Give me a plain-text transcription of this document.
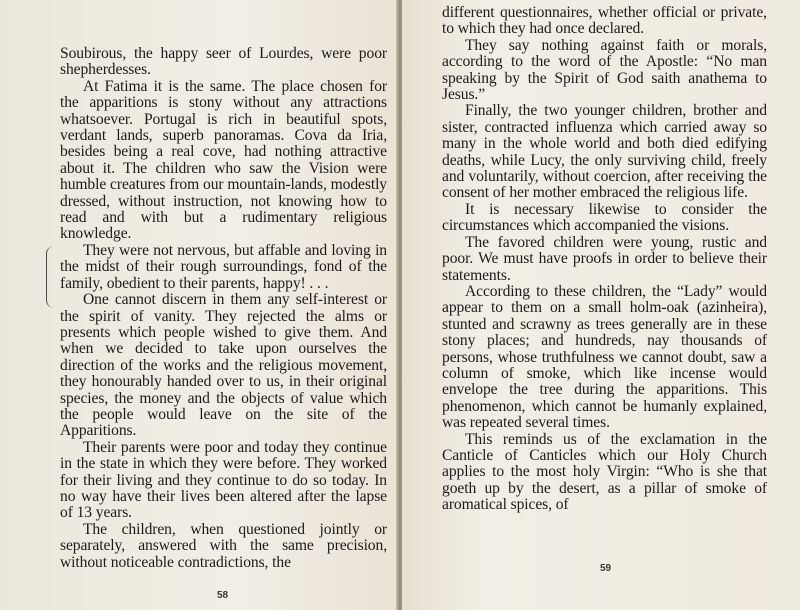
Soubirous, the happy seer of Lourdes, were poor shepherdesses.

At Fatima it is the same. The place chosen for the apparitions is stony without any attractions whatsoever. Portugal is rich in beautiful spots, verdant lands, superb panoramas. Cova da Iria, besides being a real cove, had nothing attractive about it. The children who saw the Vision were humble creatures from our mountain-lands, modestly dressed, without instruction, not knowing how to read and with but a rudimentary religious knowledge.

They were not nervous, but affable and loving in the midst of their rough surroundings, fond of the family, obedient to their parents, happy! . . .

One cannot discern in them any self-interest or the spirit of vanity. They rejected the alms or presents which people wished to give them. And when we decided to take upon ourselves the direction of the works and the religious movement, they honourably handed over to us, in their original species, the money and the objects of value which the people would leave on the site of the Apparitions.

Their parents were poor and today they continue in the state in which they were before. They worked for their living and they continue to do so today. In no way have their lives been altered after the lapse of 13 years.

The children, when questioned jointly or separately, answered with the same precision, without noticeable contradictions, the

58

different questionnaires, whether official or private, to which they had once declared.

They say nothing against faith or morals, according to the word of the Apostle: “No man speaking by the Spirit of God saith anathema to Jesus.”

Finally, the two younger children, brother and sister, contracted influenza which carried away so many in the whole world and both died edifying deaths, while Lucy, the only surviving child, freely and voluntarily, without coercion, after receiving the consent of her mother embraced the religious life.

It is necessary likewise to consider the circumstances which accompanied the visions.

The favored children were young, rustic and poor. We must have proofs in order to believe their statements.

According to these children, the “Lady” would appear to them on a small holm-oak (azinheira), stunted and scrawny as trees generally are in these stony places; and hundreds, nay thousands of persons, whose truthfulness we cannot doubt, saw a column of smoke, which like incense would envelope the tree during the apparitions. This phenomenon, which cannot be humanly explained, was repeated several times.

This reminds us of the exclamation in the Canticle of Canticles which our Holy Church applies to the most holy Virgin: “Who is she that goeth up by the desert, as a pillar of smoke of aromatical spices, of

59
